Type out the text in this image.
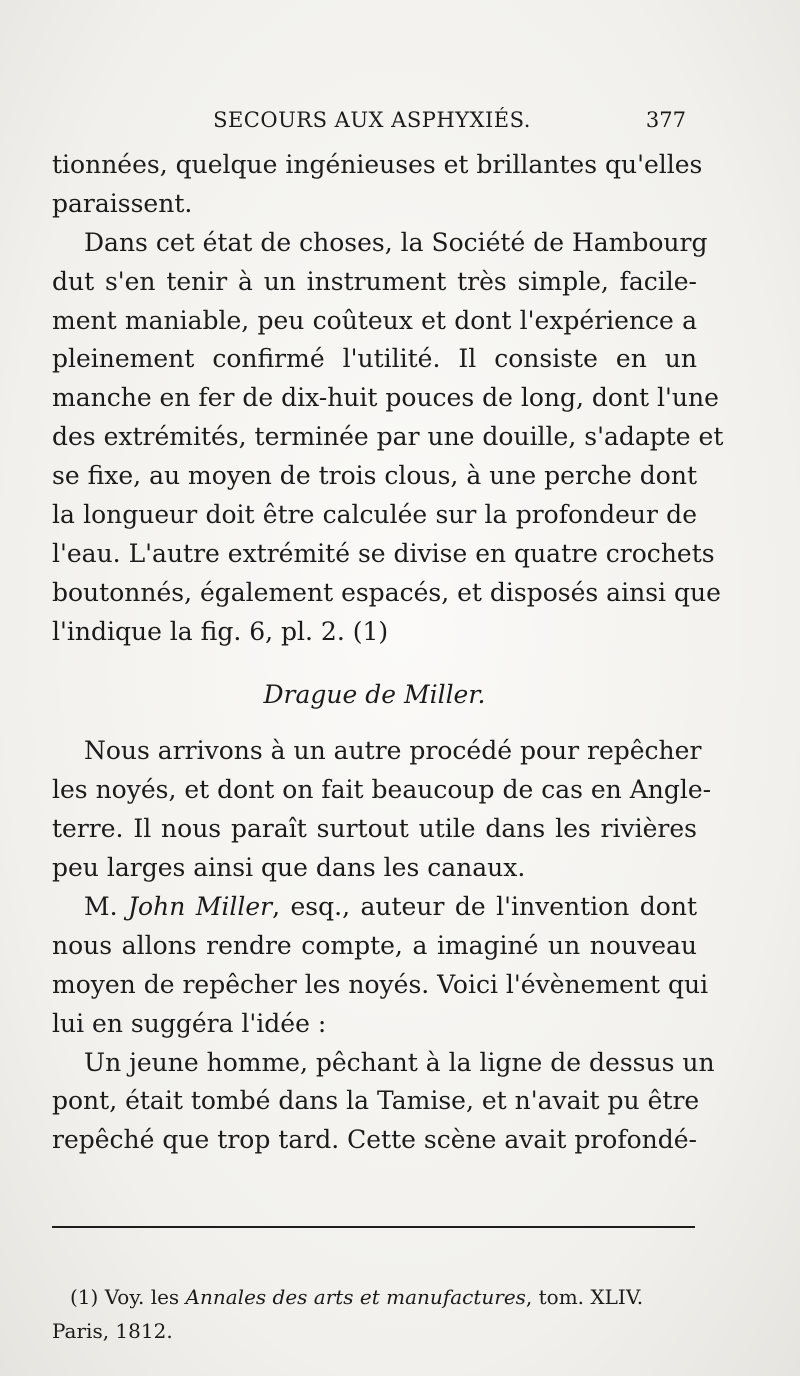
SECOURS AUX ASPHYXIÉS.	377
tionnées, quelque ingénieuses et brillantes qu'elles
paraissent.
Dans cet état de choses, la Société de Hambourg
dut s'en tenir à un instrument très simple, facile-
ment maniable, peu coûteux et dont l'expérience a
pleinement confirmé l'utilité. Il consiste en un
manche en fer de dix-huit pouces de long, dont l'une
des extrémités, terminée par une douille, s'adapte et
se fixe, au moyen de trois clous, à une perche dont
la longueur doit être calculée sur la profondeur de
l'eau. L'autre extrémité se divise en quatre crochets
boutonnés, également espacés, et disposés ainsi que
l'indique la fig. 6, pl. 2. (1)
Drague de Miller.
Nous arrivons à un autre procédé pour repêcher
les noyés, et dont on fait beaucoup de cas en Angle-
terre. Il nous paraît surtout utile dans les rivières
peu larges ainsi que dans les canaux.
M. John Miller, esq., auteur de l'invention dont
nous allons rendre compte, a imaginé un nouveau
moyen de repêcher les noyés. Voici l'évènement qui
lui en suggéra l'idée :
Un jeune homme, pêchant à la ligne de dessus un
pont, était tombé dans la Tamise, et n'avait pu être
repêché que trop tard. Cette scène avait profondé-
(1) Voy. les Annales des arts et manufactures, tom. XLIV.
Paris, 1812.
